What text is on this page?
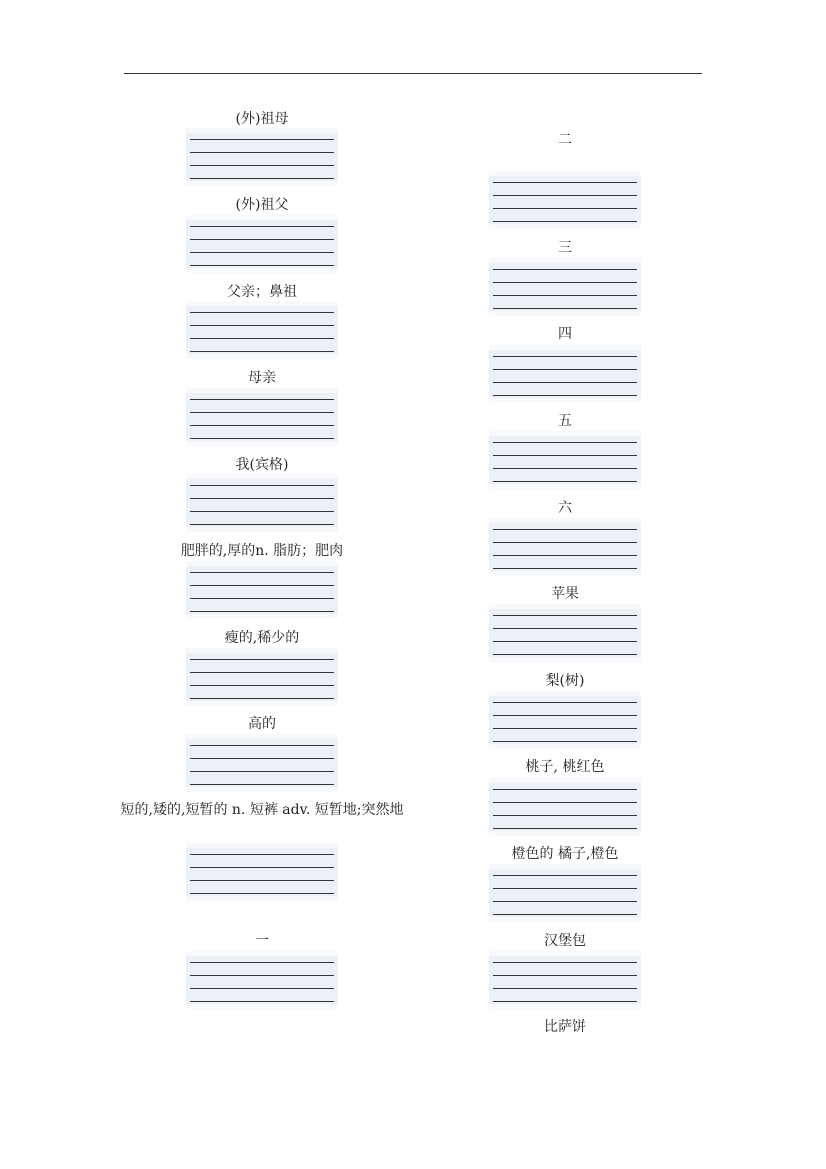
(外)祖母
(外)祖父
父亲；鼻祖
母亲
我(宾格)
肥胖的,厚的n. 脂肪；肥肉
瘦的,稀少的
高的
短的,矮的,短暂的 n. 短裤 adv. 短暂地;突然地
一
二
三
四
五
六
苹果
梨(树)
桃子, 桃红色
橙色的 橘子,橙色
汉堡包
比萨饼
